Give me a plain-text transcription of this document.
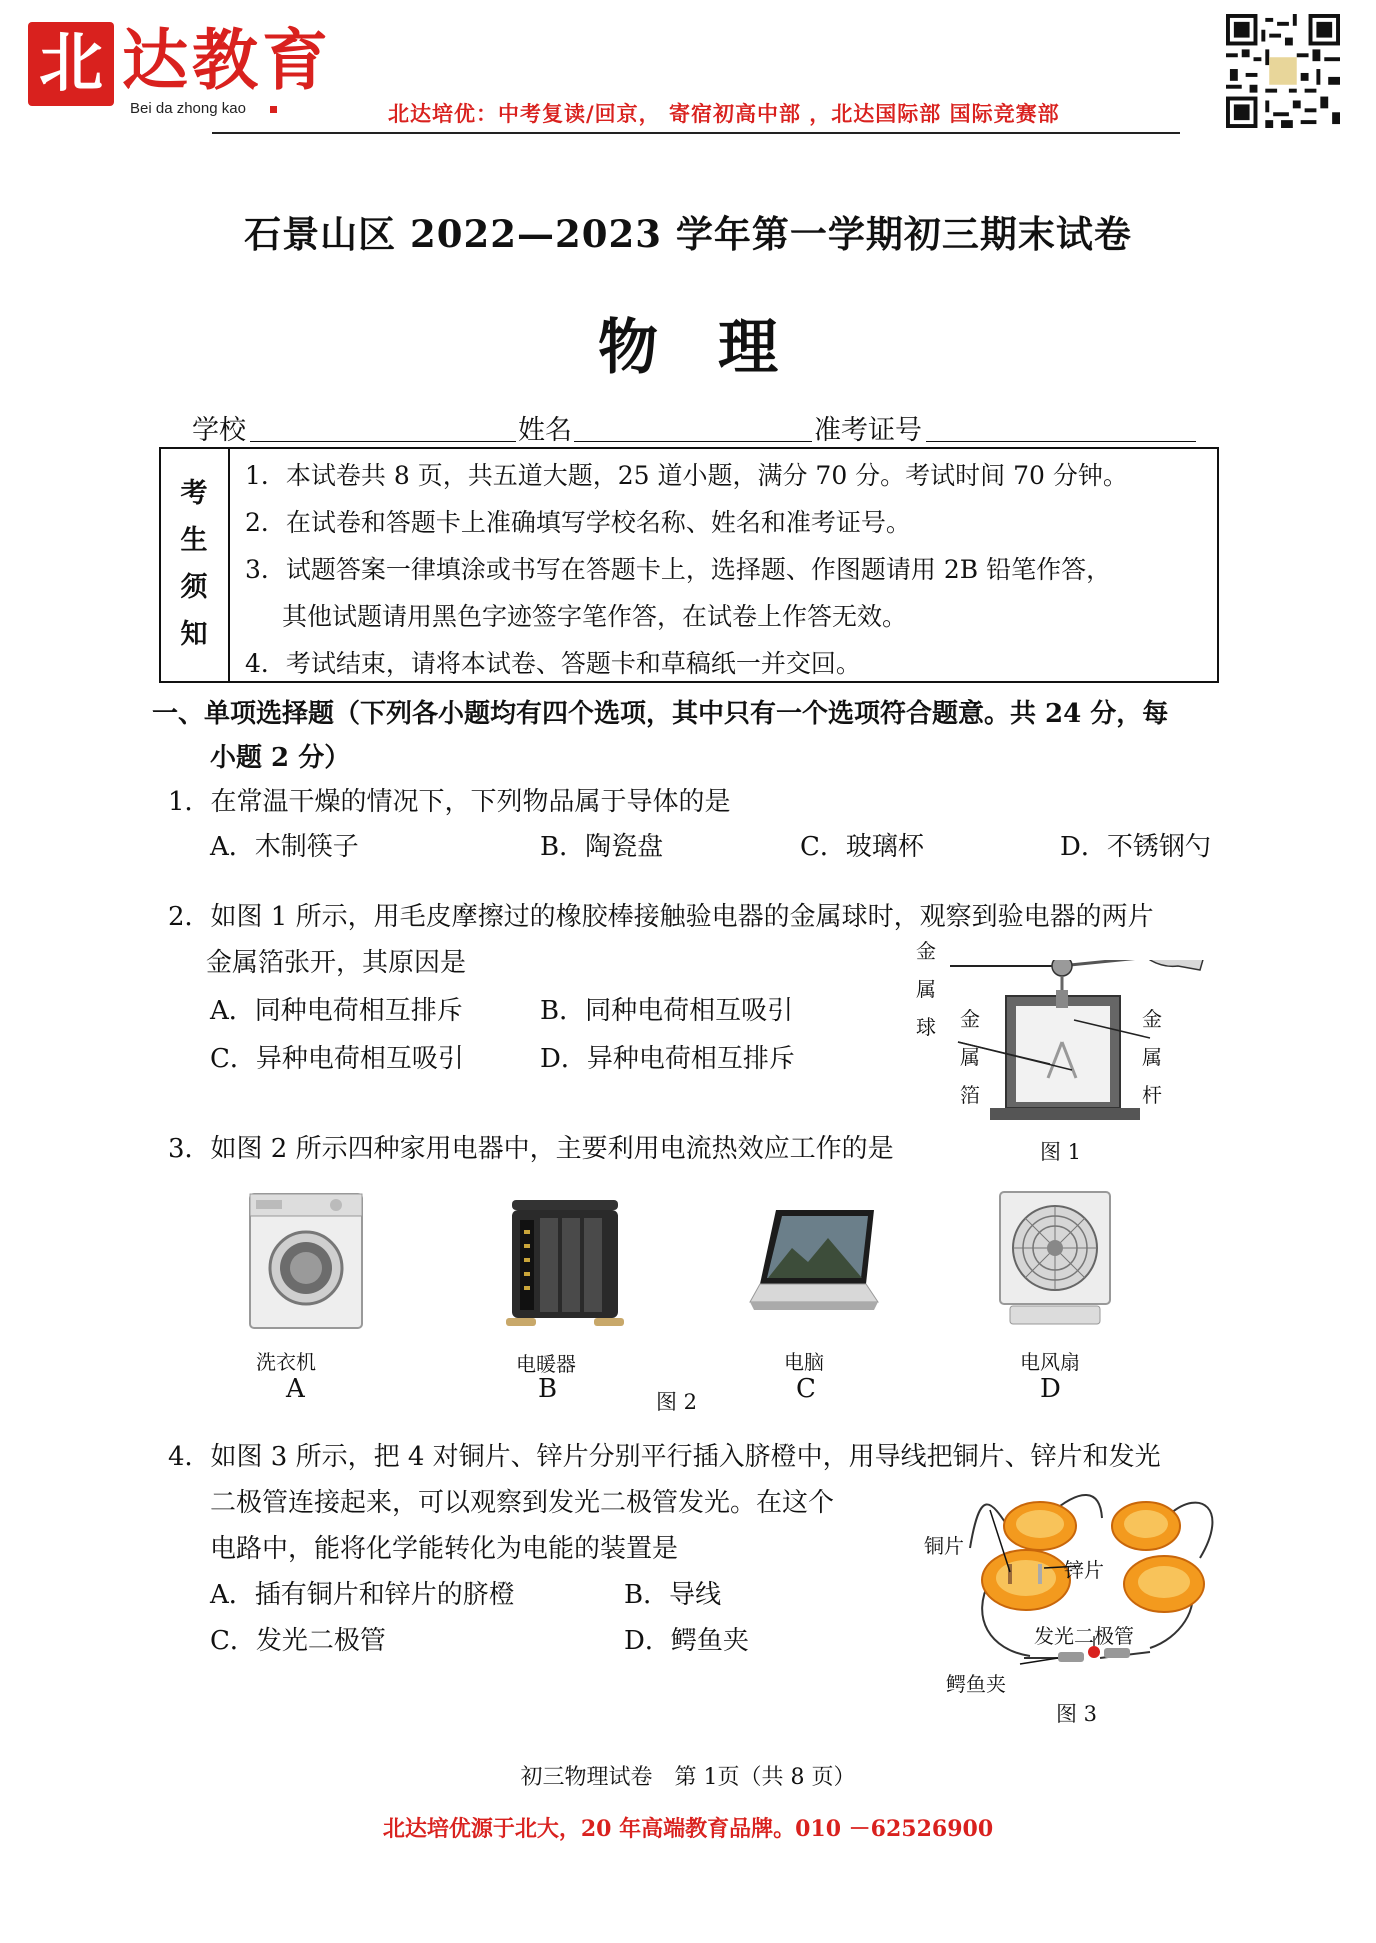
北 达教育
Bei da zhong kao	北达培优：中考复读/回京， 寄宿初高中部 ，北达国际部 国际竞赛部
石景山区 2022—2023 学年第一学期初三期末试卷
物理
学校	姓名	准考证号
考
生
须
知
1．本试卷共 8 页，共五道大题，25 道小题，满分 70 分。考试时间 70 分钟。
2．在试卷和答题卡上准确填写学校名称、姓名和准考证号。
3．试题答案一律填涂或书写在答题卡上，选择题、作图题请用 2B 铅笔作答，
其他试题请用黑色字迹签字笔作答，在试卷上作答无效。
4．考试结束，请将本试卷、答题卡和草稿纸一并交回。
一、单项选择题（下列各小题均有四个选项，其中只有一个选项符合题意。共 24 分，每
小题 2 分）
1．在常温干燥的情况下，下列物品属于导体的是
A．木制筷子	B．陶瓷盘	C．玻璃杯	D．不锈钢勺
2．如图 1 所示，用毛皮摩擦过的橡胶棒接触验电器的金属球时，观察到验电器的两片
金属箔张开，其原因是
A．同种电荷相互排斥	B．同种电荷相互吸引
C．异种电荷相互吸引	D．异种电荷相互排斥
金
属
球 金
属
箔
金
属
杆
图 1
3．如图 2 所示四种家用电器中，主要利用电流热效应工作的是
洗衣机
A
电暖器
B
电脑
C
电风扇
D
图 2
4．如图 3 所示，把 4 对铜片、锌片分别平行插入脐橙中，用导线把铜片、锌片和发光
二极管连接起来，可以观察到发光二极管发光。在这个
电路中，能将化学能转化为电能的装置是
A．插有铜片和锌片的脐橙	B．导线
C．发光二极管	D．鳄鱼夹
铜片
锌片
发光二极管
鳄鱼夹
图 3
初三物理试卷　第 1页（共 8 页）
北达培优源于北大，20 年高端教育品牌。010 －62526900
